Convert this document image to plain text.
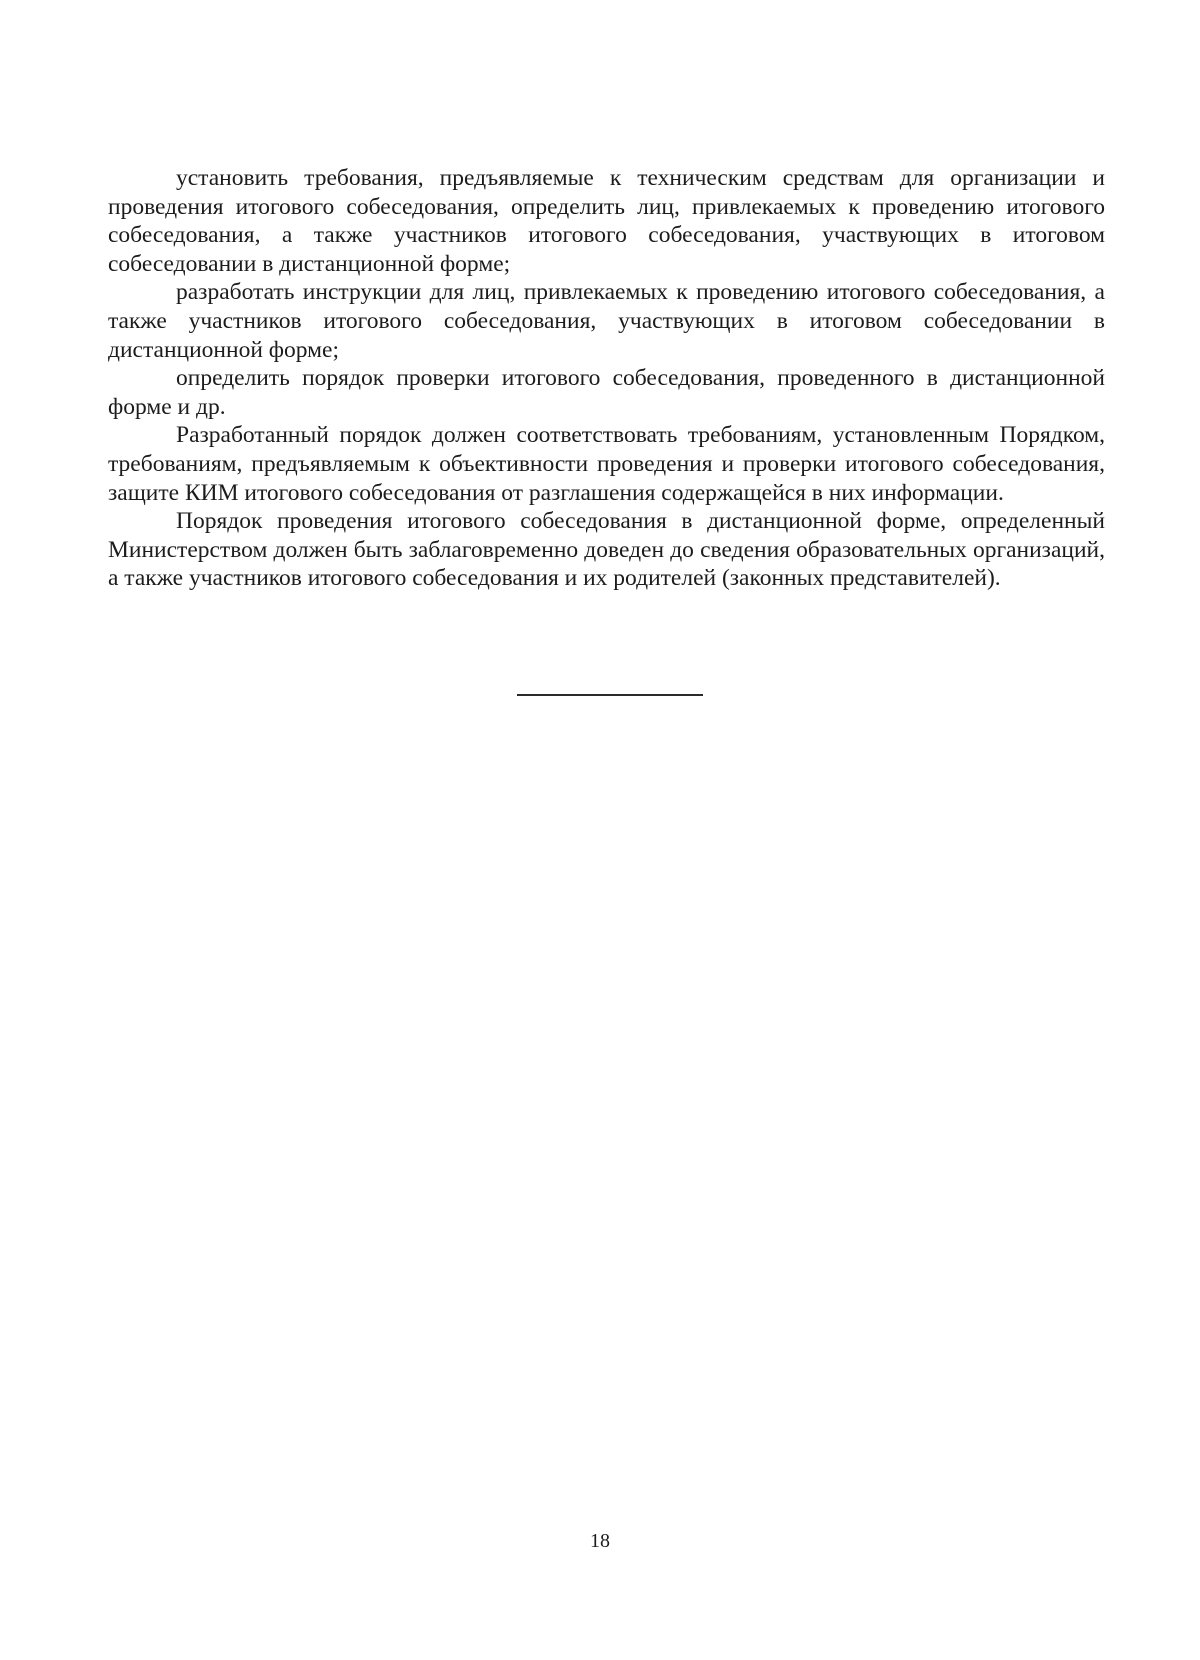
установить требования, предъявляемые к техническим средствам для организации и проведения итогового собеседования, определить лиц, привлекаемых к проведению итогового собеседования, а также участников итогового собеседования, участвующих в итоговом собеседовании в дистанционной форме;

разработать инструкции для лиц, привлекаемых к проведению итогового собеседования, а также участников итогового собеседования, участвующих в итоговом собеседовании в дистанционной форме;

определить порядок проверки итогового собеседования, проведенного в дистанционной форме и др.

Разработанный порядок должен соответствовать требованиям, установленным Порядком, требованиям, предъявляемым к объективности проведения и проверки итогового собеседования, защите КИМ итогового собеседования от разглашения содержащейся в них информации.

Порядок проведения итогового собеседования в дистанционной форме, определенный Министерством должен быть заблаговременно доведен до сведения образовательных организаций, а также участников итогового собеседования и их родителей (законных представителей).

18
